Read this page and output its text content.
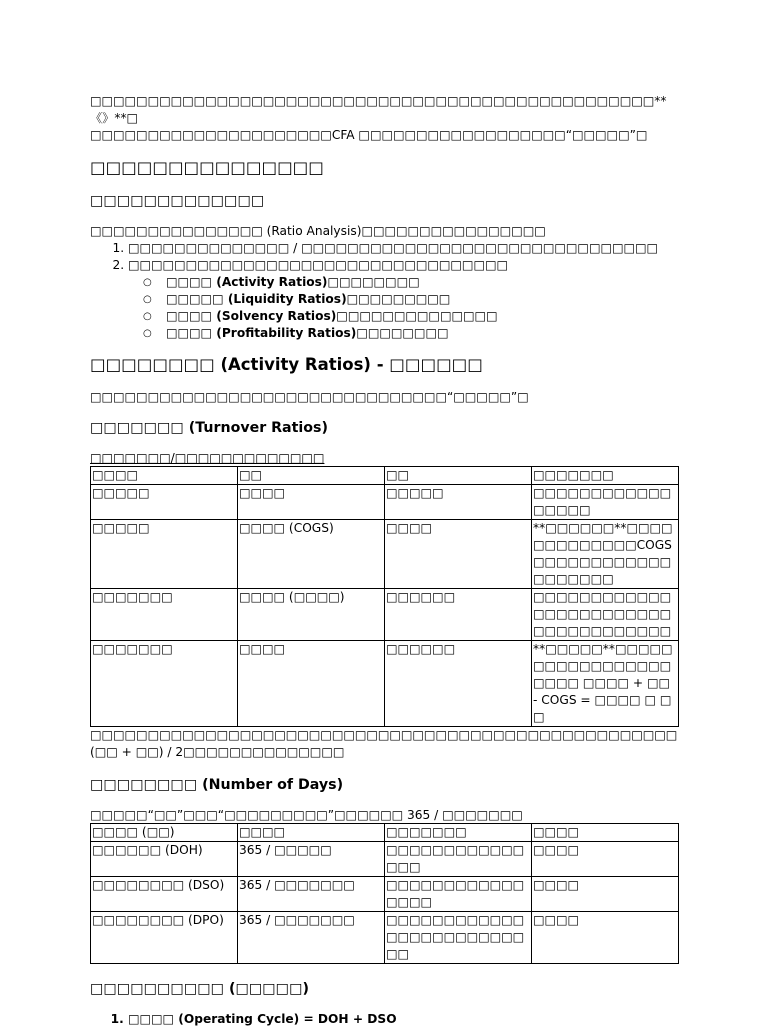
□□□□□□□□□□□□□□□□□□□□□□□□□□□□□□□□□□□□□□□□□□□□□□□□□**《》**□
□□□□□□□□□□□□□□□□□□□□□CFA □□□□□□□□□□□□□□□□□□“□□□□□”□

□□□□□□□□□□□□□□□
□□□□□□□□□□□□□

□□□□□□□□□□□□□□□ (Ratio Analysis)□□□□□□□□□□□□□□□□

1. □□□□□□□□□□□□□□ / □□□□□□□□□□□□□□□□□□□□□□□□□□□□□□□
2. □□□□□□□□□□□□□□□□□□□□□□□□□□□□□□□□□
○ □□□□ (Activity Ratios)□□□□□□□□
○ □□□□□ (Liquidity Ratios)□□□□□□□□□
○ □□□□ (Solvency Ratios)□□□□□□□□□□□□□□
○ □□□□ (Profitability Ratios)□□□□□□□□
□□□□□□□□ (Activity Ratios) - □□□□□□

□□□□□□□□□□□□□□□□□□□□□□□□□□□□□□□“□□□□□”□

□□□□□□□ (Turnover Ratios)

□□□□□□□/□□□□□□□□□□□□□

□□□□	□□	□□	□□□□□□□
□□□□□	□□□□	□□□□□	□□□□□□□□□□□□□□□□□
□□□□□	□□□□ (COGS)	□□□□	**□□□□□□**□□□□□□□□□□□□□COGS□□□□□□□□□□□□□□□□□□□
□□□□□□□	□□□□ (□□□□)	□□□□□□	□□□□□□□□□□□□□□□□□□□□□□□□□□□□□□□□□□□□
□□□□□□□	□□□□	□□□□□□	**□□□□□**□□□□□□□□□□□□□□□□□□□□□ □□□□ + □□ - COGS = □□□□ □ □□

□□□□□□□□□□□□□□□□□□□□□□□□□□□□□□□□□□□□□□□□□□□□□□□□□□□ (□□ + □□) / 2□□□□□□□□□□□□□□

□□□□□□□□ (Number of Days)

□□□□□“□□”□□□“□□□□□□□□□”□□□□□□ 365 / □□□□□□□

□□□□ (□□)	□□□□	□□□□□□□	□□□□
□□□□□□ (DOH)	365 / □□□□□	□□□□□□□□□□□□□□□	□□□□
□□□□□□□□ (DSO)	365 / □□□□□□□	□□□□□□□□□□□□□□□□	□□□□
□□□□□□□□ (DPO)	365 / □□□□□□□	□□□□□□□□□□□□□□□□□□□□□□□□□□	□□□□
□□□□□□□□□□ (□□□□□)
1. □□□□ (Operating Cycle) = DOH + DSO
